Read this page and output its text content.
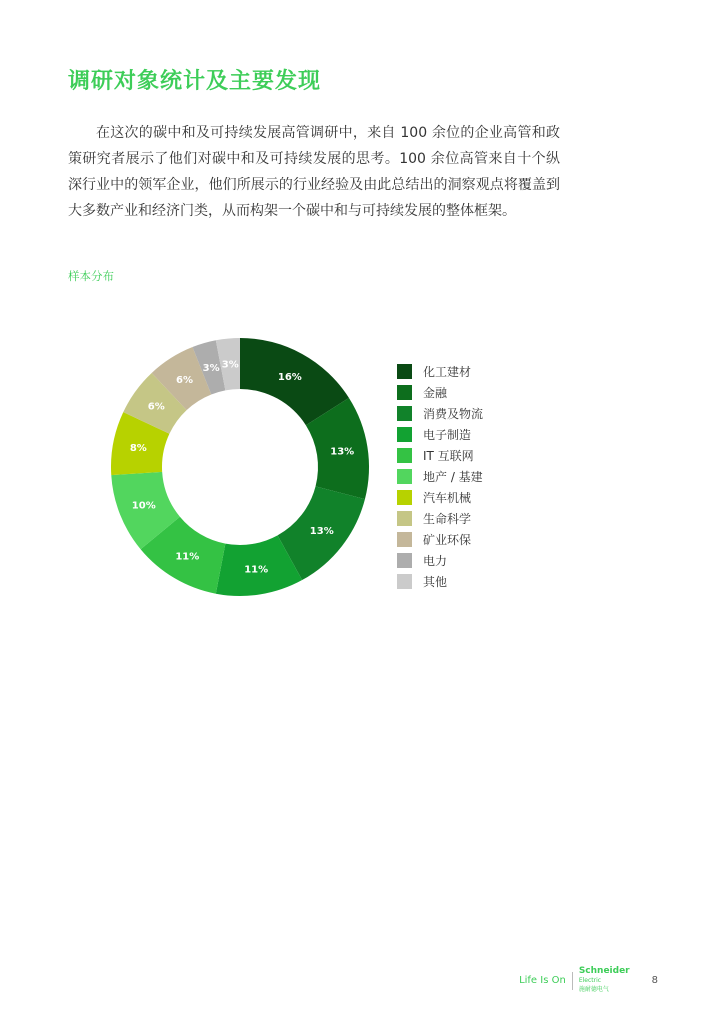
调研对象统计及主要发现

在这次的碳中和及可持续发展高管调研中，来自 100 余位的企业高管和政策研究者展示了他们对碳中和及可持续发展的思考。100 余位高管来自十个纵深行业中的领军企业，他们所展示的行业经验及由此总结出的洞察观点将覆盖到大多数产业和经济门类，从而构架一个碳中和与可持续发展的整体框架。

样本分布
16%
13%
13%
11%
11%
10%
8%
6%
6%
3% 3%
化工建材
金融
消费及物流
电子制造
IT 互联网
地产 / 基建
汽车机械
生命科学
矿业环保
电力
其他
Life Is On
Schneider
Electric
施耐德电气
8
